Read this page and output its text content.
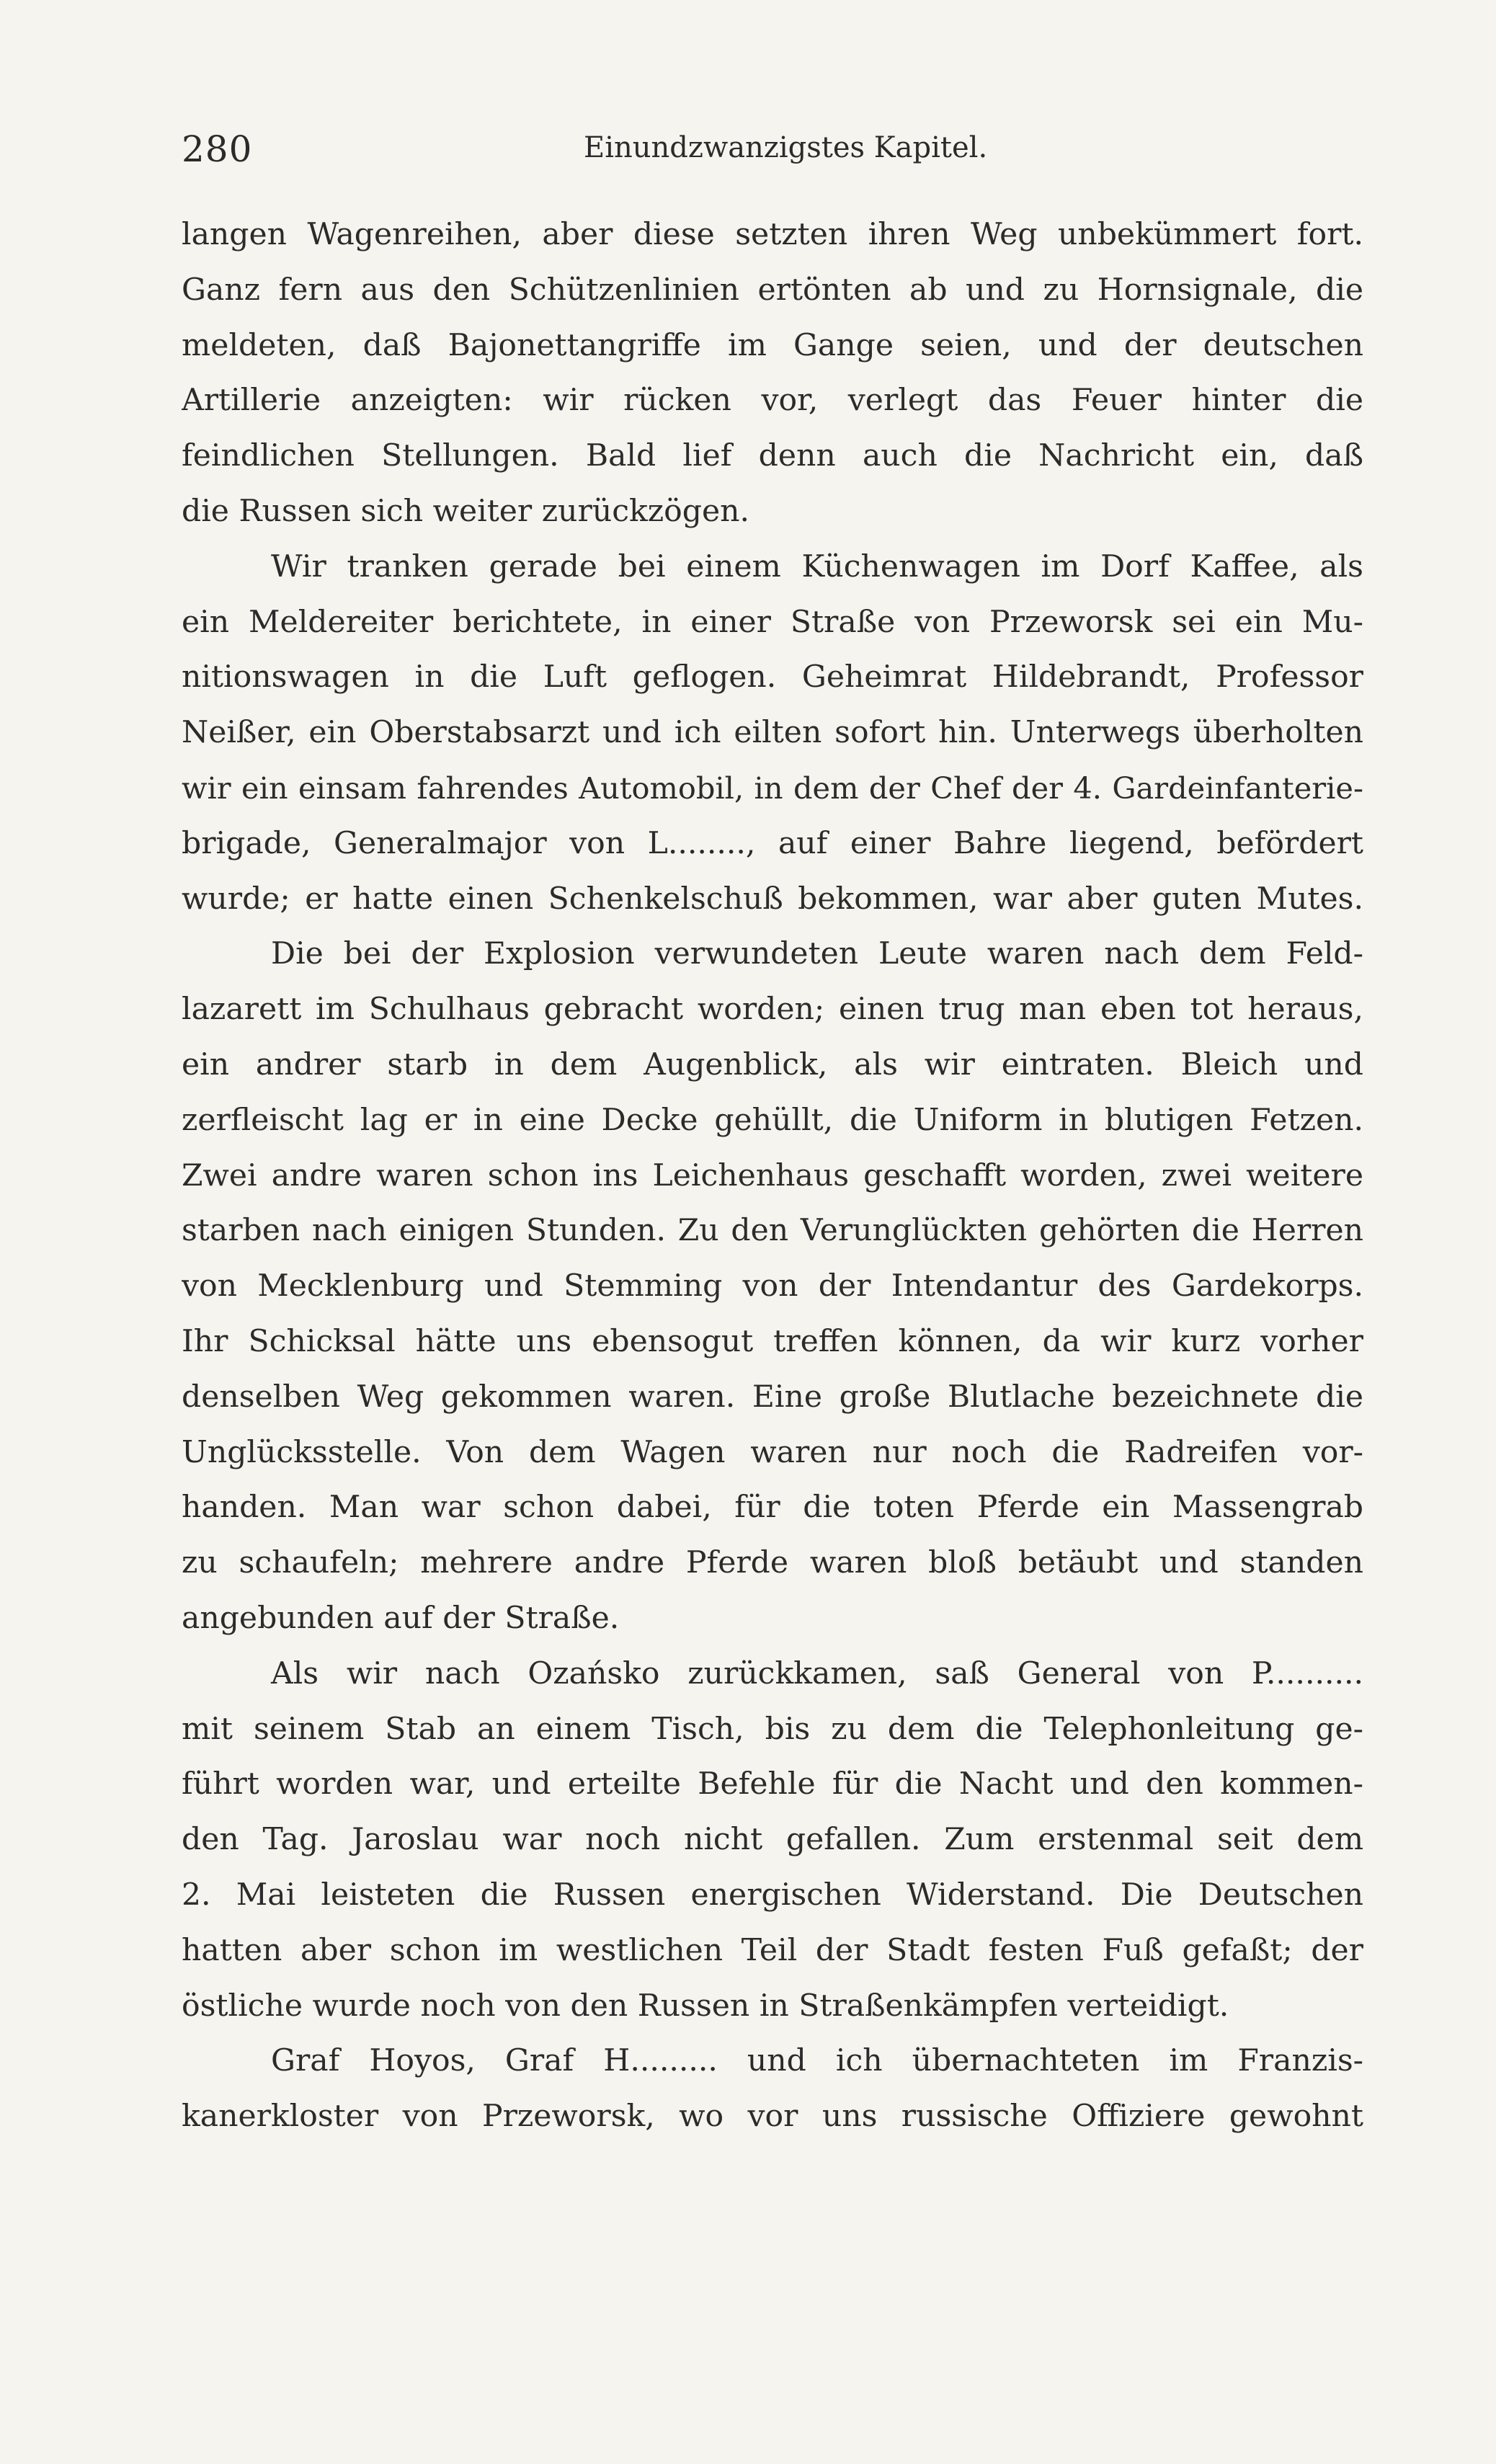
280	Einundzwanzigstes Kapitel.
langen Wagenreihen, aber diese setzten ihren Weg unbekümmert fort.
Ganz fern aus den Schützenlinien ertönten ab und zu Hornsignale, die
meldeten, daß Bajonettangriffe im Gange seien, und der deutschen
Artillerie anzeigten: wir rücken vor, verlegt das Feuer hinter die
feindlichen Stellungen. Bald lief denn auch die Nachricht ein, daß
die Russen sich weiter zurückzögen.
Wir tranken gerade bei einem Küchenwagen im Dorf Kaffee, als
ein Meldereiter berichtete, in einer Straße von Przeworsk sei ein Mu-
nitionswagen in die Luft geflogen. Geheimrat Hildebrandt, Professor
Neißer, ein Oberstabsarzt und ich eilten sofort hin. Unterwegs überholten
wir ein einsam fahrendes Automobil, in dem der Chef der 4. Gardeinfanterie-
brigade, Generalmajor von L........, auf einer Bahre liegend, befördert
wurde; er hatte einen Schenkelschuß bekommen, war aber guten Mutes.
Die bei der Explosion verwundeten Leute waren nach dem Feld-
lazarett im Schulhaus gebracht worden; einen trug man eben tot heraus,
ein andrer starb in dem Augenblick, als wir eintraten. Bleich und
zerfleischt lag er in eine Decke gehüllt, die Uniform in blutigen Fetzen.
Zwei andre waren schon ins Leichenhaus geschafft worden, zwei weitere
starben nach einigen Stunden. Zu den Verunglückten gehörten die Herren
von Mecklenburg und Stemming von der Intendantur des Gardekorps.
Ihr Schicksal hätte uns ebensogut treffen können, da wir kurz vorher
denselben Weg gekommen waren. Eine große Blutlache bezeichnete die
Unglücksstelle. Von dem Wagen waren nur noch die Radreifen vor-
handen. Man war schon dabei, für die toten Pferde ein Massengrab
zu schaufeln; mehrere andre Pferde waren bloß betäubt und standen
angebunden auf der Straße.
Als wir nach Ozańsko zurückkamen, saß General von P..........
mit seinem Stab an einem Tisch, bis zu dem die Telephonleitung ge-
führt worden war, und erteilte Befehle für die Nacht und den kommen-
den Tag. Jaroslau war noch nicht gefallen. Zum erstenmal seit dem
2. Mai leisteten die Russen energischen Widerstand. Die Deutschen
hatten aber schon im westlichen Teil der Stadt festen Fuß gefaßt; der
östliche wurde noch von den Russen in Straßenkämpfen verteidigt.
Graf Hoyos, Graf H......... und ich übernachteten im Franzis-
kanerkloster von Przeworsk, wo vor uns russische Offiziere gewohnt
